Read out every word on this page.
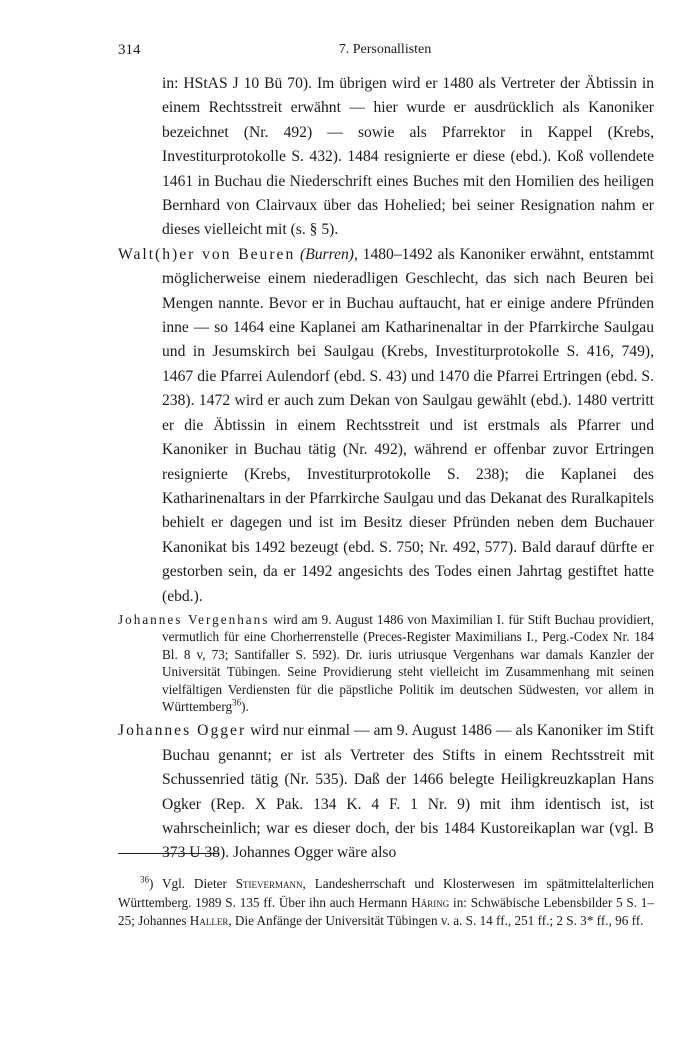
314	7. Personallisten

in: HStAS J 10 Bü 70). Im übrigen wird er 1480 als Vertreter der Äbtissin in einem Rechtsstreit erwähnt — hier wurde er ausdrücklich als Kanoniker bezeichnet (Nr. 492) — sowie als Pfarrektor in Kappel (Krebs, Investiturprotokolle S. 432). 1484 resignierte er diese (ebd.). Koß vollendete 1461 in Buchau die Niederschrift eines Buches mit den Homilien des heiligen Bernhard von Clairvaux über das Hohelied; bei seiner Resignation nahm er dieses vielleicht mit (s. § 5).

Walt(h)er von Beuren (Burren), 1480–1492 als Kanoniker erwähnt, entstammt möglicherweise einem niederadligen Geschlecht, das sich nach Beuren bei Mengen nannte. Bevor er in Buchau auftaucht, hat er einige andere Pfründen inne — so 1464 eine Kaplanei am Katharinenaltar in der Pfarrkirche Saulgau und in Jesumskirch bei Saulgau (Krebs, Investiturprotokolle S. 416, 749), 1467 die Pfarrei Aulendorf (ebd. S. 43) und 1470 die Pfarrei Ertringen (ebd. S. 238). 1472 wird er auch zum Dekan von Saulgau gewählt (ebd.). 1480 vertritt er die Äbtissin in einem Rechtsstreit und ist erstmals als Pfarrer und Kanoniker in Buchau tätig (Nr. 492), während er offenbar zuvor Ertringen resignierte (Krebs, Investiturprotokolle S. 238); die Kaplanei des Katharinenaltars in der Pfarrkirche Saulgau und das Dekanat des Ruralkapitels behielt er dagegen und ist im Besitz dieser Pfründen neben dem Buchauer Kanonikat bis 1492 bezeugt (ebd. S. 750; Nr. 492, 577). Bald darauf dürfte er gestorben sein, da er 1492 angesichts des Todes einen Jahrtag gestiftet hatte (ebd.).

Johannes Vergenhans wird am 9. August 1486 von Maximilian I. für Stift Buchau providiert, vermutlich für eine Chorherrenstelle (Preces-Register Maximilians I., Perg.-Codex Nr. 184 Bl. 8 v, 73; Santifaller S. 592). Dr. iuris utriusque Vergenhans war damals Kanzler der Universität Tübingen. Seine Providierung steht vielleicht im Zusammenhang mit seinen vielfältigen Verdiensten für die päpstliche Politik im deutschen Südwesten, vor allem in Württemberg$^{36}$).

Johannes Ogger wird nur einmal — am 9. August 1486 — als Kanoniker im Stift Buchau genannt; er ist als Vertreter des Stifts in einem Rechtsstreit mit Schussenried tätig (Nr. 535). Daß der 1466 belegte Heiligkreuzkaplan Hans Ogker (Rep. X Pak. 134 K. 4 F. 1 Nr. 9) mit ihm identisch ist, ist wahrscheinlich; war es dieser doch, der bis 1484 Kustoreikaplan war (vgl. B 373 U 38). Johannes Ogger wäre also

$^{36}$) Vgl. Dieter Stievermann, Landesherrschaft und Klosterwesen im spätmittelalterlichen Württemberg. 1989 S. 135 ff. Über ihn auch Hermann Häring in: Schwäbische Lebensbilder 5 S. 1–25; Johannes Haller, Die Anfänge der Universität Tübingen v. a. S. 14 ff., 251 ff.; 2 S. 3* ff., 96 ff.
